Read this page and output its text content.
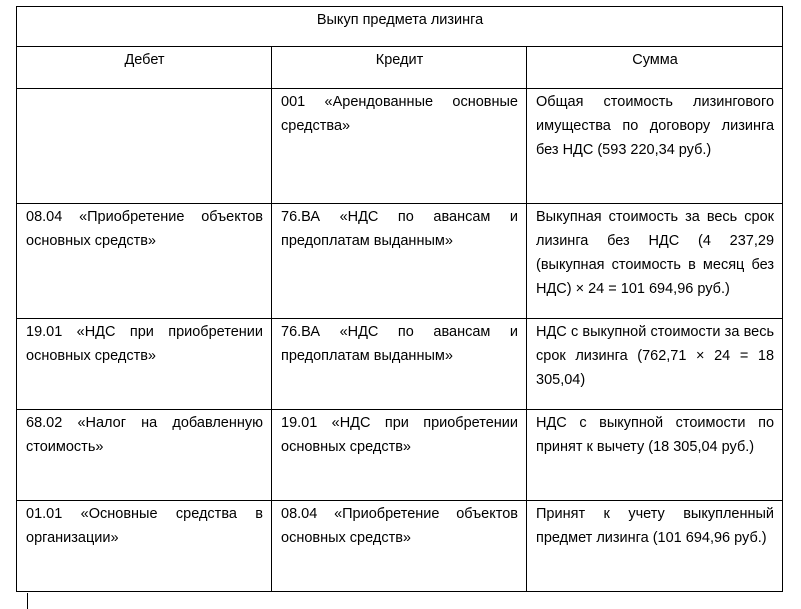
Выкуп предмета лизинга		
Дебет	Кредит	Сумма

	001 «Арендованные основные средства»	Общая стоимость лизингового имущества по договору лизинга без НДС (593 220,34 руб.)

08.04 «Приобретение объектов основных средств»	76.ВА «НДС по авансам и предоплатам выданным»	Выкупная стоимость за весь срок лизинга без НДС (4 237,29 (выкупная стоимость в месяц без НДС) × 24 = 101 694,96 руб.)

19.01 «НДС при приобретении основных средств»	76.ВА «НДС по авансам и предоплатам выданным»	НДС с выкупной стоимости за весь срок лизинга (762,71 × 24 = 18 305,04)

68.02 «Налог на добавленную стоимость»	19.01 «НДС при приобретении основных средств»	НДС с выкупной стоимости по принят к вычету (18 305,04 руб.)

01.01 «Основные средства в организации»	08.04 «Приобретение объектов основных средств»	Принят к учету выкупленный предмет лизинга (101 694,96 руб.)
